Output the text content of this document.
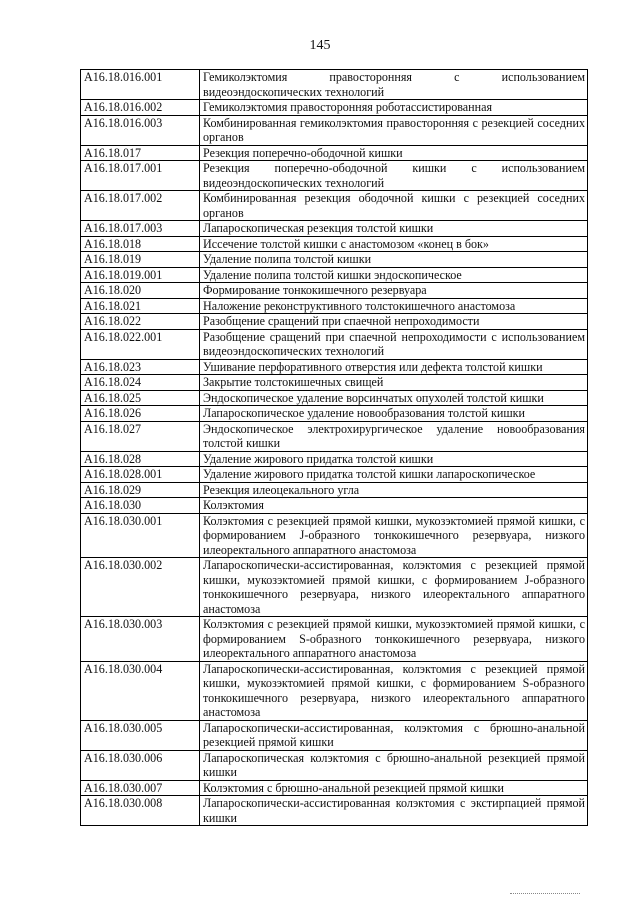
145
A16.18.016.001	Гемиколэктомия правосторонняя с использованием видеоэндоскопических технологий
A16.18.016.002	Гемиколэктомия правосторонняя роботассистированная
A16.18.016.003	Комбинированная гемиколэктомия правосторонняя с резекцией соседних органов
A16.18.017	Резекция поперечно-ободочной кишки
A16.18.017.001	Резекция поперечно-ободочной кишки с использованием видеоэндоскопических технологий
A16.18.017.002	Комбинированная резекция ободочной кишки с резекцией соседних органов
A16.18.017.003	Лапароскопическая резекция толстой кишки
A16.18.018	Иссечение толстой кишки с анастомозом «конец в бок»
A16.18.019	Удаление полипа толстой кишки
A16.18.019.001	Удаление полипа толстой кишки эндоскопическое
A16.18.020	Формирование тонкокишечного резервуара
A16.18.021	Наложение реконструктивного толстокишечного анастомоза
A16.18.022	Разобщение сращений при спаечной непроходимости
A16.18.022.001	Разобщение сращений при спаечной непроходимости с использованием видеоэндоскопических технологий
A16.18.023	Ушивание перфоративного отверстия или дефекта толстой кишки
A16.18.024	Закрытие толстокишечных свищей
A16.18.025	Эндоскопическое удаление ворсинчатых опухолей толстой кишки
A16.18.026	Лапароскопическое удаление новообразования толстой кишки
A16.18.027	Эндоскопическое электрохирургическое удаление новообразования толстой кишки
A16.18.028	Удаление жирового придатка толстой кишки
A16.18.028.001	Удаление жирового придатка толстой кишки лапароскопическое
A16.18.029	Резекция илеоцекального угла
A16.18.030	Колэктомия
A16.18.030.001	Колэктомия с резекцией прямой кишки, мукозэктомией прямой кишки, с формированием J-образного тонкокишечного резервуара, низкого илеоректального аппаратного анастомоза
A16.18.030.002	Лапароскопически-ассистированная, колэктомия с резекцией прямой кишки, мукозэктомией прямой кишки, с формированием J-образного тонкокишечного резервуара, низкого илеоректального аппаратного анастомоза
A16.18.030.003	Колэктомия с резекцией прямой кишки, мукозэктомией прямой кишки, с формированием S-образного тонкокишечного резервуара, низкого илеоректального аппаратного анастомоза
A16.18.030.004	Лапароскопически-ассистированная, колэктомия с резекцией прямой кишки, мукозэктомией прямой кишки, с формированием S-образного тонкокишечного резервуара, низкого илеоректального аппаратного анастомоза
A16.18.030.005	Лапароскопически-ассистированная, колэктомия с брюшно-анальной резекцией прямой кишки
A16.18.030.006	Лапароскопическая колэктомия с брюшно-анальной резекцией прямой кишки
A16.18.030.007	Колэктомия с брюшно-анальной резекцией прямой кишки
A16.18.030.008	Лапароскопически-ассистированная колэктомия с экстирпацией прямой кишки
